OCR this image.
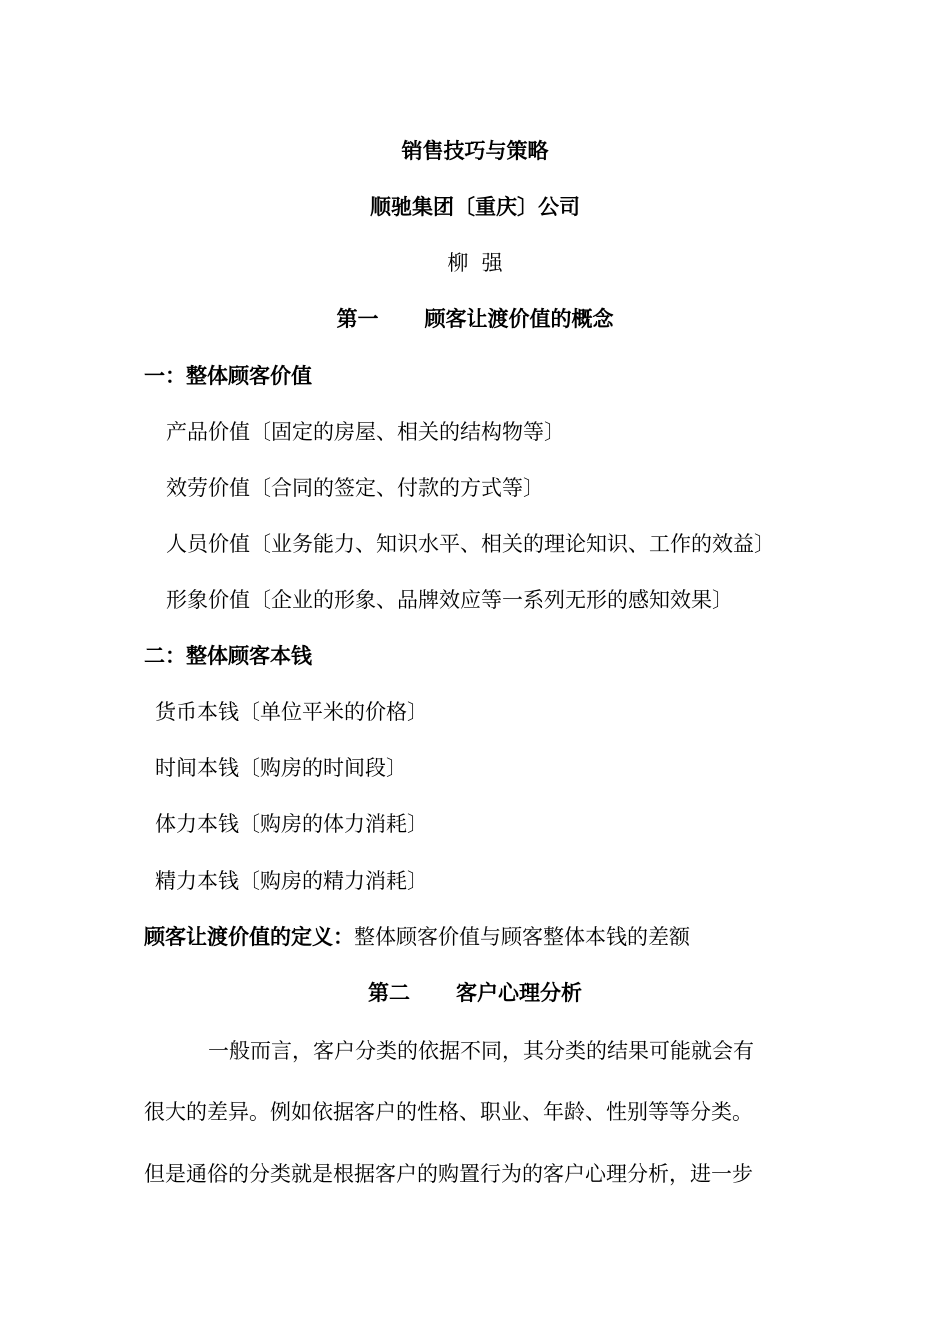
销售技巧与策略
顺驰集团〔重庆〕公司
柳  强
第一 顾客让渡价值的概念
一：整体顾客价值
产品价值〔固定的房屋、相关的结构物等〕
效劳价值〔合同的签定、付款的方式等〕
人员价值〔业务能力、知识水平、相关的理论知识、工作的效益〕
形象价值〔企业的形象、品牌效应等一系列无形的感知效果〕
二：整体顾客本钱
货币本钱〔单位平米的价格〕
时间本钱〔购房的时间段〕
体力本钱〔购房的体力消耗〕
精力本钱〔购房的精力消耗〕
顾客让渡价值的定义：整体顾客价值与顾客整体本钱的差额
第二 客户心理分析
一般而言，客户分类的依据不同，其分类的结果可能就会有
很大的差异。例如依据客户的性格、职业、年龄、性别等等分类。
但是通俗的分类就是根据客户的购置行为的客户心理分析，进一步
